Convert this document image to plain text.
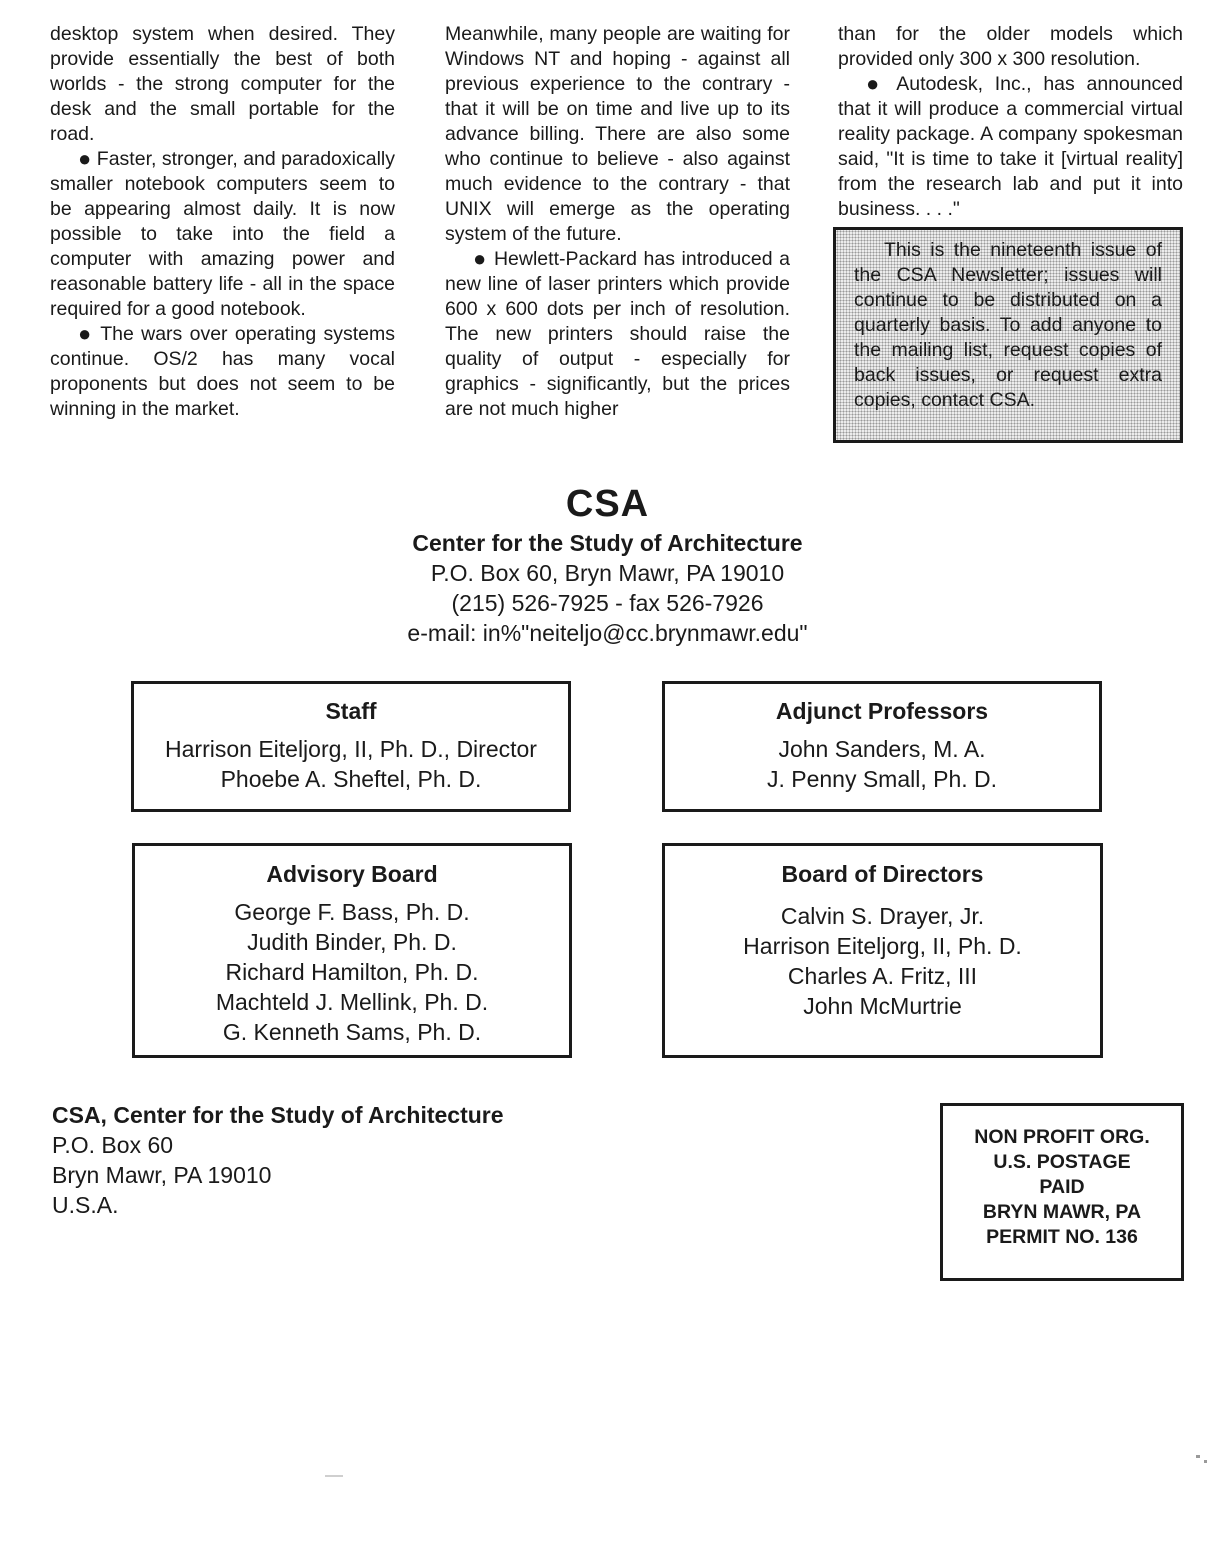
desktop system when desired. They provide essentially the best of both worlds - the strong computer for the desk and the small portable for the road.

● Faster, stronger, and paradoxically smaller notebook computers seem to be appearing almost daily. It is now possible to take into the field a computer with amazing power and reasonable battery life - all in the space required for a good notebook.

● The wars over operating systems continue. OS/2 has many vocal proponents but does not seem to be winning in the market.

Meanwhile, many people are waiting for Windows NT and hoping - against all previous experience to the contrary - that it will be on time and live up to its advance billing. There are also some who continue to believe - also against much evidence to the contrary - that UNIX will emerge as the operating system of the future.

● Hewlett-Packard has introduced a new line of laser printers which provide 600 x 600 dots per inch of resolution. The new printers should raise the quality of output - especially for graphics - significantly, but the prices are not much higher

than for the older models which provided only 300 x 300 resolution.

● Autodesk, Inc., has announced that it will produce a commercial virtual reality package. A company spokesman said, "It is time to take it [virtual reality] from the research lab and put it into business. . . ."

This is the nineteenth issue of the CSA Newsletter; issues will continue to be distributed on a quarterly basis. To add anyone to the mailing list, request copies of back issues, or request extra copies, contact CSA.

CSA
Center for the Study of Architecture
P.O. Box 60, Bryn Mawr, PA 19010
(215) 526-7925 - fax 526-7926
e-mail: in%"neiteljo@cc.brynmawr.edu"
Staff
Harrison Eiteljorg, II, Ph. D., Director
Phoebe A. Sheftel, Ph. D.
Adjunct Professors
John Sanders, M. A.
J. Penny Small, Ph. D.
Advisory Board
George F. Bass, Ph. D.
Judith Binder, Ph. D.
Richard Hamilton, Ph. D.
Machteld J. Mellink, Ph. D.
G. Kenneth Sams, Ph. D.
Board of Directors
Calvin S. Drayer, Jr.
Harrison Eiteljorg, II, Ph. D.
Charles A. Fritz, III
John McMurtrie
CSA, Center for the Study of Architecture
P.O. Box 60
Bryn Mawr, PA 19010
U.S.A.
NON PROFIT ORG.
U.S. POSTAGE
PAID
BRYN MAWR, PA
PERMIT NO. 136
